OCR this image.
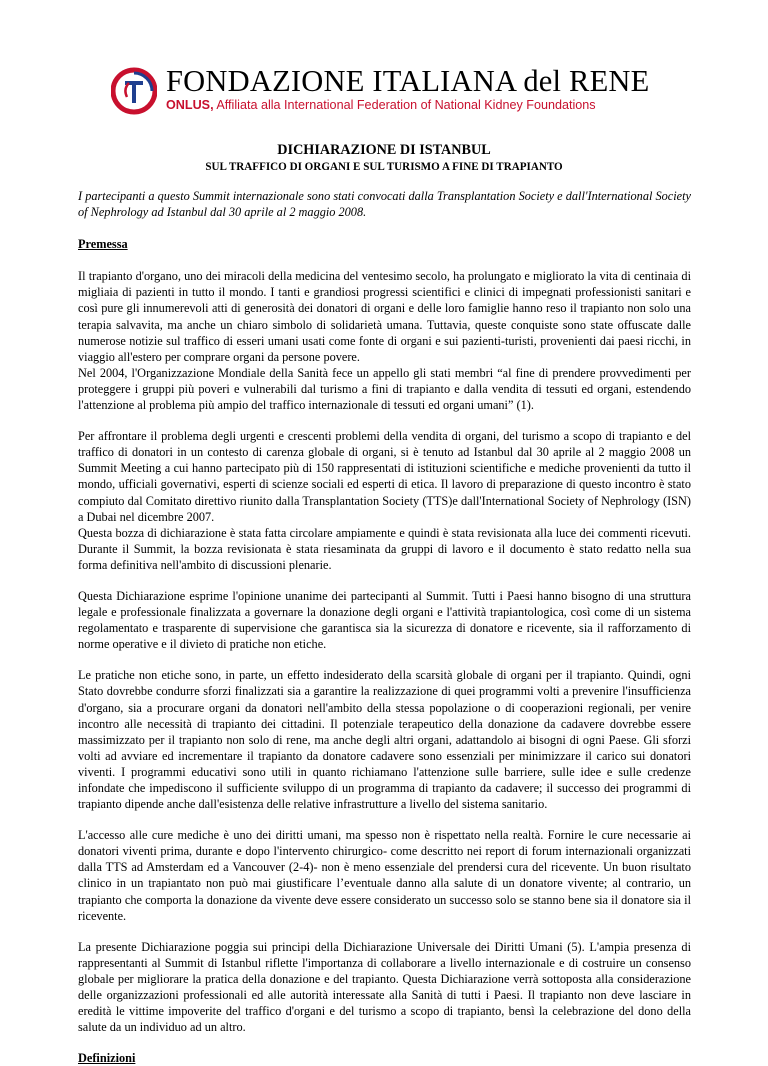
FONDAZIONE ITALIANA del RENE
ONLUS, Affiliata alla International Federation of National Kidney Foundations
DICHIARAZIONE DI ISTANBUL
SUL TRAFFICO DI ORGANI E SUL TURISMO A FINE DI TRAPIANTO

I partecipanti a questo Summit internazionale sono stati convocati dalla Transplantation Society e dall'International Society of Nephrology ad Istanbul dal 30 aprile al 2 maggio 2008.

Premessa

Il trapianto d'organo, uno dei miracoli della medicina del ventesimo secolo, ha prolungato e migliorato la vita di centinaia di migliaia di pazienti in tutto il mondo. I tanti e grandiosi progressi scientifici e clinici di impegnati professionisti sanitari e così pure gli innumerevoli atti di generosità dei donatori di organi e delle loro famiglie hanno reso il trapianto non solo una terapia salvavita, ma anche un chiaro simbolo di solidarietà umana. Tuttavia, queste conquiste sono state offuscate dalle numerose notizie sul traffico di esseri umani usati come fonte di organi e sui pazienti-turisti, provenienti dai paesi ricchi, in viaggio all'estero per comprare organi da persone povere.

Nel 2004, l'Organizzazione Mondiale della Sanità fece un appello gli stati membri “al fine di prendere provvedimenti per proteggere i gruppi più poveri e vulnerabili dal turismo a fini di trapianto e dalla vendita di tessuti ed organi, estendendo l'attenzione al problema più ampio del traffico internazionale di tessuti ed organi umani” (1).

Per affrontare il problema degli urgenti e crescenti problemi della vendita di organi, del turismo a scopo di trapianto e del traffico di donatori in un contesto di carenza globale di organi, si è tenuto ad Istanbul dal 30 aprile al 2 maggio 2008 un Summit Meeting a cui hanno partecipato più di 150 rappresentati di istituzioni scientifiche e mediche provenienti da tutto il mondo, ufficiali governativi, esperti di scienze sociali ed esperti di etica. Il lavoro di preparazione di questo incontro è stato compiuto dal Comitato direttivo riunito dalla Transplantation Society (TTS)e dall'International Society of Nephrology (ISN) a Dubai nel dicembre 2007.

Questa bozza di dichiarazione è stata fatta circolare ampiamente e quindi è stata revisionata alla luce dei commenti ricevuti. Durante il Summit, la bozza revisionata è stata riesaminata da gruppi di lavoro e il documento è stato redatto nella sua forma definitiva nell'ambito di discussioni plenarie.

Questa Dichiarazione esprime l'opinione unanime dei partecipanti al Summit. Tutti i Paesi hanno bisogno di una struttura legale e professionale finalizzata a governare la donazione degli organi e l'attività trapiantologica, così come di un sistema regolamentato e trasparente di supervisione che garantisca sia la sicurezza di donatore e ricevente, sia il rafforzamento di norme operative e il divieto di pratiche non etiche.

Le pratiche non etiche sono, in parte, un effetto indesiderato della scarsità globale di organi per il trapianto. Quindi, ogni Stato dovrebbe condurre sforzi finalizzati sia a garantire la realizzazione di quei programmi volti a prevenire l'insufficienza d'organo, sia a procurare organi da donatori nell'ambito della stessa popolazione o di cooperazioni regionali, per venire incontro alle necessità di trapianto dei cittadini. Il potenziale terapeutico della donazione da cadavere dovrebbe essere massimizzato per il trapianto non solo di rene, ma anche degli altri organi, adattandolo ai bisogni di ogni Paese. Gli sforzi volti ad avviare ed incrementare il trapianto da donatore cadavere sono essenziali per minimizzare il carico sui donatori viventi. I programmi educativi sono utili in quanto richiamano l'attenzione sulle barriere, sulle idee e sulle credenze infondate che impediscono il sufficiente sviluppo di un programma di trapianto da cadavere; il successo dei programmi di trapianto dipende anche dall'esistenza delle relative infrastrutture a livello del sistema sanitario.

L'accesso alle cure mediche è uno dei diritti umani, ma spesso non è rispettato nella realtà. Fornire le cure necessarie ai donatori viventi prima, durante e dopo l'intervento chirurgico- come descritto nei report di forum internazionali organizzati dalla TTS ad Amsterdam ed a Vancouver (2-4)- non è meno essenziale del prendersi cura del ricevente. Un buon risultato clinico in un trapiantato non può mai giustificare l’eventuale danno alla salute di un donatore vivente; al contrario, un trapianto che comporta la donazione da vivente deve essere considerato un successo solo se stanno bene sia il donatore sia il ricevente.

La presente Dichiarazione poggia sui principi della Dichiarazione Universale dei Diritti Umani (5). L'ampia presenza di rappresentanti al Summit di Istanbul riflette l'importanza di collaborare a livello internazionale e di costruire un consenso globale per migliorare la pratica della donazione e del trapianto. Questa Dichiarazione verrà sottoposta alla considerazione delle organizzazioni professionali ed alle autorità interessate alla Sanità di tutti i Paesi. Il trapianto non deve lasciare in eredità le vittime impoverite del traffico d'organi e del turismo a scopo di trapianto, bensì la celebrazione del dono della salute da un individuo ad un altro.

Definizioni
